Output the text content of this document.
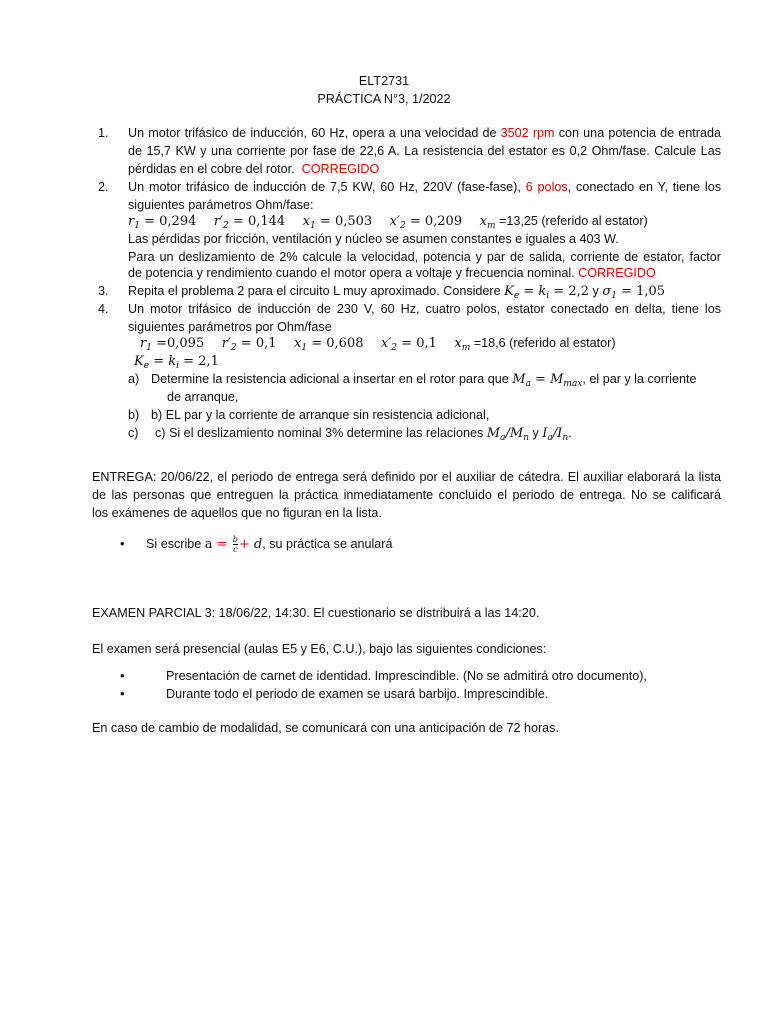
ELT2731
PRÁCTICA N°3, 1/2022
1. Un motor trifásico de inducción, 60 Hz, opera a una velocidad de 3502 rpm con una potencia de entrada
de 15,7 KW y una corriente por fase de 22,6 A. La resistencia del estator es 0,2 Ohm/fase. Calcule Las
pérdidas en el cobre del rotor. CORREGIDO
2. Un motor trifásico de inducción de 7,5 KW, 60 Hz, 220V (fase-fase), 6 polos, conectado en Y, tiene los
siguientes parámetros Ohm/fase:
$r_1 = 0,294$ $r'_2 = 0,144$ $x_1 = 0,503$ $x'_2 = 0,209$ $x_m =13,25$ (referido al estator)
Las pérdidas por fricción, ventilación y núcleo se asumen constantes e iguales a 403 W.
Para un deslizamiento de 2% calcule la velocidad, potencia y par de salida, corriente de estator, factor
de potencia y rendimiento cuando el motor opera a voltaje y frecuencia nominal. CORREGIDO
3. Repita el problema 2 para el circuito L muy aproximado. Considere $K_e = k_i = 2,2$ y $\sigma_1 = 1,05$
4. Un motor trifásico de inducción de 230 V, 60 Hz, cuatro polos, estator conectado en delta, tiene los
siguientes parámetros por Ohm/fase
$r_1 =0,095$ $r'_2 = 0,1$ $x_1 = 0,608$ $x'_2 = 0,1$ $x_m =18,6$ (referido al estator)
$K_e = k_i = 2,1$
a) Determine la resistencia adicional a insertar en el rotor para que $M_a = M_{max}$, el par y la corriente
de arranque,
b) b) EL par y la corriente de arranque sin resistencia adicional,
c) c) Si el deslizamiento nominal 3% determine las relaciones $M_a/M_n$ y $I_a/I_n$.
ENTREGA: 20/06/22, el periodo de entrega será definido por el auxiliar de cátedra. El auxiliar elaborará la lista
de las personas que entreguen la práctica inmediatamente concluido el periodo de entrega. No se calificará
los exámenes de aquellos que no figuran en la lista.
• Si escribe $a = \frac{b}{c} + d$, su práctica se anulará
EXAMEN PARCIAL 3: 18/06/22, 14:30. El cuestionario se distribuirá a las 14:20.
El examen será presencial (aulas E5 y E6, C.U.), bajo las siguientes condiciones:
•	Presentación de carnet de identidad. Imprescindible. (No se admitirá otro documento),
•	Durante todo el periodo de examen se usará barbijo. Imprescindible.
En caso de cambio de modalidad, se comunicará con una anticipación de 72 horas.
